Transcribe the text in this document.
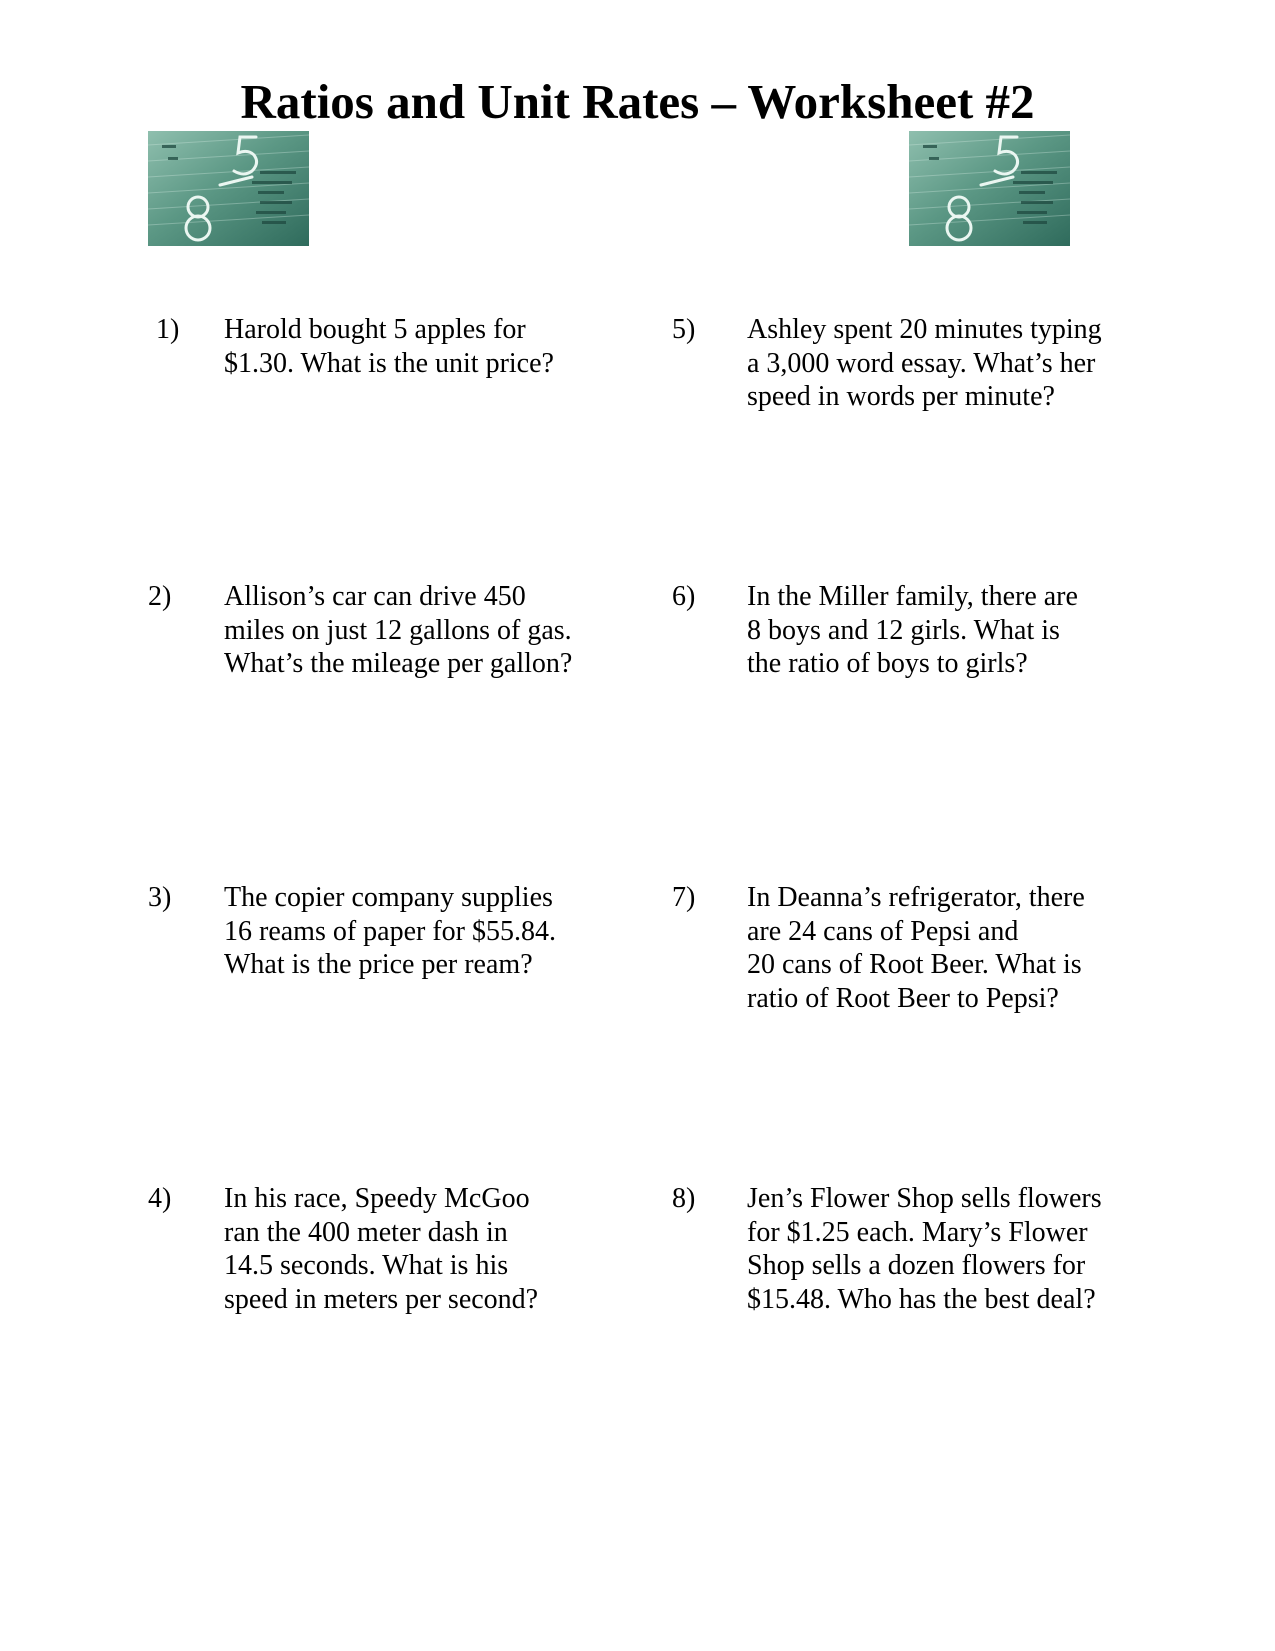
Ratios and Unit Rates – Worksheet #2
1) Harold bought 5 apples for
$1.30. What is the unit price?
2) Allison’s car can drive 450
miles on just 12 gallons of gas.
What’s the mileage per gallon?
3) The copier company supplies
16 reams of paper for $55.84.
What is the price per ream?
4) In his race, Speedy McGoo
ran the 400 meter dash in
14.5 seconds. What is his
speed in meters per second?
5) Ashley spent 20 minutes typing
a 3,000 word essay. What’s her
speed in words per minute?
6) In the Miller family, there are
8 boys and 12 girls. What is
the ratio of boys to girls?
7) In Deanna’s refrigerator, there
are 24 cans of Pepsi and
20 cans of Root Beer. What is
ratio of Root Beer to Pepsi?
8) Jen’s Flower Shop sells flowers
for $1.25 each. Mary’s Flower
Shop sells a dozen flowers for
$15.48. Who has the best deal?
